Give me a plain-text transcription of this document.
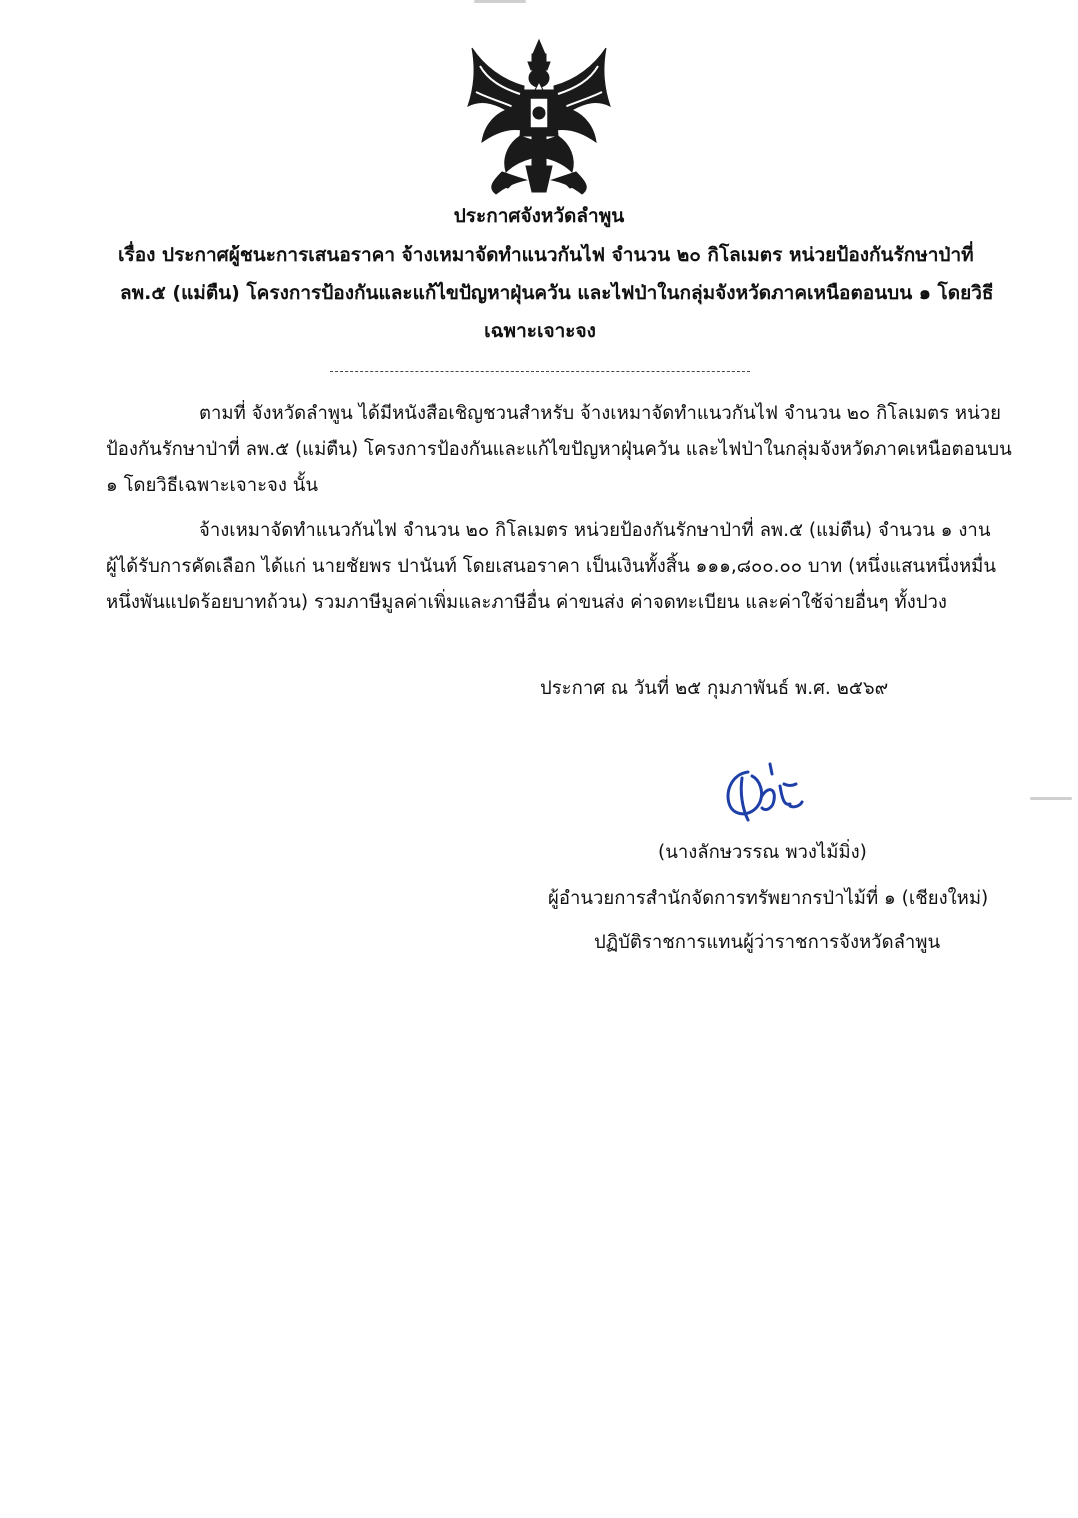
ประกาศจังหวัดลำพูน
เรื่อง ประกาศผู้ชนะการเสนอราคา จ้างเหมาจัดทำแนวกันไฟ จำนวน ๒๐ กิโลเมตร หน่วยป้องกันรักษาป่าที่
ลพ.๕ (แม่ตืน) โครงการป้องกันและแก้ไขปัญหาฝุ่นควัน และไฟป่าในกลุ่มจังหวัดภาคเหนือตอนบน ๑ โดยวิธี
เฉพาะเจาะจง
ตามที่ จังหวัดลำพูน ได้มีหนังสือเชิญชวนสำหรับ จ้างเหมาจัดทำแนวกันไฟ จำนวน ๒๐ กิโลเมตร หน่วย
ป้องกันรักษาป่าที่ ลพ.๕ (แม่ตืน) โครงการป้องกันและแก้ไขปัญหาฝุ่นควัน และไฟป่าในกลุ่มจังหวัดภาคเหนือตอนบน
๑ โดยวิธีเฉพาะเจาะจง นั้น
จ้างเหมาจัดทำแนวกันไฟ จำนวน ๒๐ กิโลเมตร หน่วยป้องกันรักษาป่าที่ ลพ.๕ (แม่ตืน) จำนวน ๑ งาน
ผู้ได้รับการคัดเลือก ได้แก่ นายชัยพร ปานันท์ โดยเสนอราคา เป็นเงินทั้งสิ้น ๑๑๑,๘๐๐.๐๐ บาท (หนึ่งแสนหนึ่งหมื่น
หนึ่งพันแปดร้อยบาทถ้วน) รวมภาษีมูลค่าเพิ่มและภาษีอื่น ค่าขนส่ง ค่าจดทะเบียน และค่าใช้จ่ายอื่นๆ ทั้งปวง
ประกาศ ณ วันที่ ๒๕ กุมภาพันธ์ พ.ศ. ๒๕๖๙
(นางลักษวรรณ พวงไม้มิ่ง)
ผู้อำนวยการสำนักจัดการทรัพยากรป่าไม้ที่ ๑ (เชียงใหม่)
ปฏิบัติราชการแทนผู้ว่าราชการจังหวัดลำพูน
